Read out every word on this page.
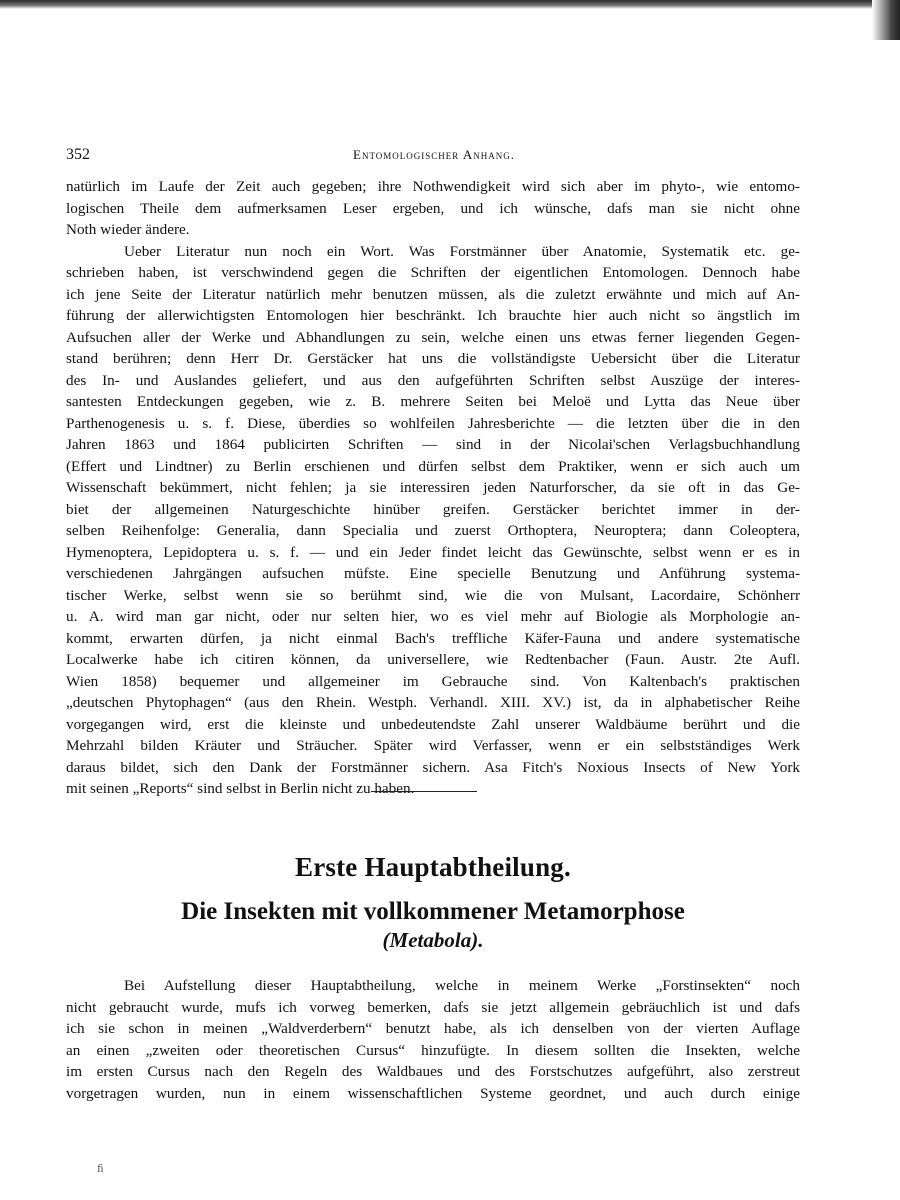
352	Entomologischer Anhang.

natürlich im Laufe der Zeit auch gegeben; ihre Nothwendigkeit wird sich aber im phyto-, wie entomo-
logischen Theile dem aufmerksamen Leser ergeben, und ich wünsche, dafs man sie nicht ohne
Noth wieder ändere.

Ueber Literatur nun noch ein Wort. Was Forstmänner über Anatomie, Systematik etc. ge-
schrieben haben, ist verschwindend gegen die Schriften der eigentlichen Entomologen. Dennoch habe
ich jene Seite der Literatur natürlich mehr benutzen müssen, als die zuletzt erwähnte und mich auf An-
führung der allerwichtigsten Entomologen hier beschränkt. Ich brauchte hier auch nicht so ängstlich im
Aufsuchen aller der Werke und Abhandlungen zu sein, welche einen uns etwas ferner liegenden Gegen-
stand berühren; denn Herr Dr. Gerstäcker hat uns die vollständigste Uebersicht über die Literatur
des In- und Auslandes geliefert, und aus den aufgeführten Schriften selbst Auszüge der interes-
santesten Entdeckungen gegeben, wie z. B. mehrere Seiten bei Meloë und Lytta das Neue über
Parthenogenesis u. s. f. Diese, überdies so wohlfeilen Jahresberichte — die letzten über die in den
Jahren 1863 und 1864 publicirten Schriften — sind in der Nicolai'schen Verlagsbuchhandlung
(Effert und Lindtner) zu Berlin erschienen und dürfen selbst dem Praktiker, wenn er sich auch um
Wissenschaft bekümmert, nicht fehlen; ja sie interessiren jeden Naturforscher, da sie oft in das Ge-
biet der allgemeinen Naturgeschichte hinüber greifen. Gerstäcker berichtet immer in der-
selben Reihenfolge: Generalia, dann Specialia und zuerst Orthoptera, Neuroptera; dann Coleoptera,
Hymenoptera, Lepidoptera u. s. f. — und ein Jeder findet leicht das Gewünschte, selbst wenn er es in
verschiedenen Jahrgängen aufsuchen müfste. Eine specielle Benutzung und Anführung systema-
tischer Werke, selbst wenn sie so berühmt sind, wie die von Mulsant, Lacordaire, Schönherr
u. A. wird man gar nicht, oder nur selten hier, wo es viel mehr auf Biologie als Morphologie an-
kommt, erwarten dürfen, ja nicht einmal Bach's treffliche Käfer-Fauna und andere systematische
Localwerke habe ich citiren können, da universellere, wie Redtenbacher (Faun. Austr. 2te Aufl.
Wien 1858) bequemer und allgemeiner im Gebrauche sind. Von Kaltenbach's praktischen
„deutschen Phytophagen“ (aus den Rhein. Westph. Verhandl. XIII. XV.) ist, da in alphabetischer Reihe
vorgegangen wird, erst die kleinste und unbedeutendste Zahl unserer Waldbäume berührt und die
Mehrzahl bilden Kräuter und Sträucher. Später wird Verfasser, wenn er ein selbstständiges Werk
daraus bildet, sich den Dank der Forstmänner sichern. Asa Fitch's Noxious Insects of New York
mit seinen „Reports“ sind selbst in Berlin nicht zu haben.

Erste Hauptabtheilung.
Die Insekten mit vollkommener Metamorphose
(Metabola).

Bei Aufstellung dieser Hauptabtheilung, welche in meinem Werke „Forstinsekten“ noch
nicht gebraucht wurde, mufs ich vorweg bemerken, dafs sie jetzt allgemein gebräuchlich ist und dafs
ich sie schon in meinen „Waldverderbern“ benutzt habe, als ich denselben von der vierten Auflage
an einen „zweiten oder theoretischen Cursus“ hinzufügte. In diesem sollten die Insekten, welche
im ersten Cursus nach den Regeln des Waldbaues und des Forstschutzes aufgeführt, also zerstreut
vorgetragen wurden, nun in einem wissenschaftlichen Systeme geordnet, und auch durch einige

ﬁ
